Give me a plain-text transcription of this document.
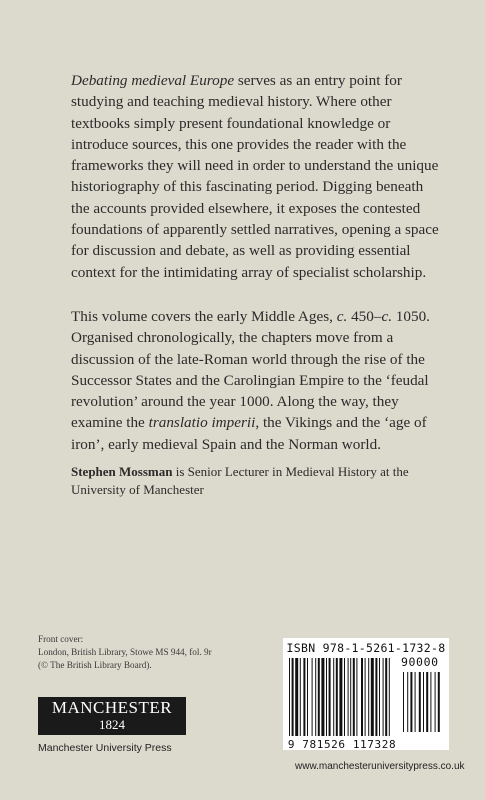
Debating medieval Europe serves as an entry point for studying and teaching medieval history. Where other textbooks simply present foundational knowledge or introduce sources, this one provides the reader with the frameworks they will need in order to understand the unique historiography of this fascinating period. Digging beneath the accounts provided elsewhere, it exposes the contested foundations of apparently settled narratives, opening a space for discussion and debate, as well as providing essential context for the intimidating array of specialist scholarship.
This volume covers the early Middle Ages, c. 450–c. 1050. Organised chronologically, the chapters move from a discussion of the late-Roman world through the rise of the Successor States and the Carolingian Empire to the ‘feudal revolution’ around the year 1000. Along the way, they examine the translatio imperii, the Vikings and the ‘age of iron’, early medieval Spain and the Norman world.
Stephen Mossman is Senior Lecturer in Medieval History at the University of Manchester
Front cover:
London, British Library, Stowe MS 944, fol. 9r
(© The British Library Board).
MANCHESTER
1824
Manchester University Press
ISBN 978-1-5261-1732-8
90000
9 781526 117328
www.manchesteruniversitypress.co.uk
